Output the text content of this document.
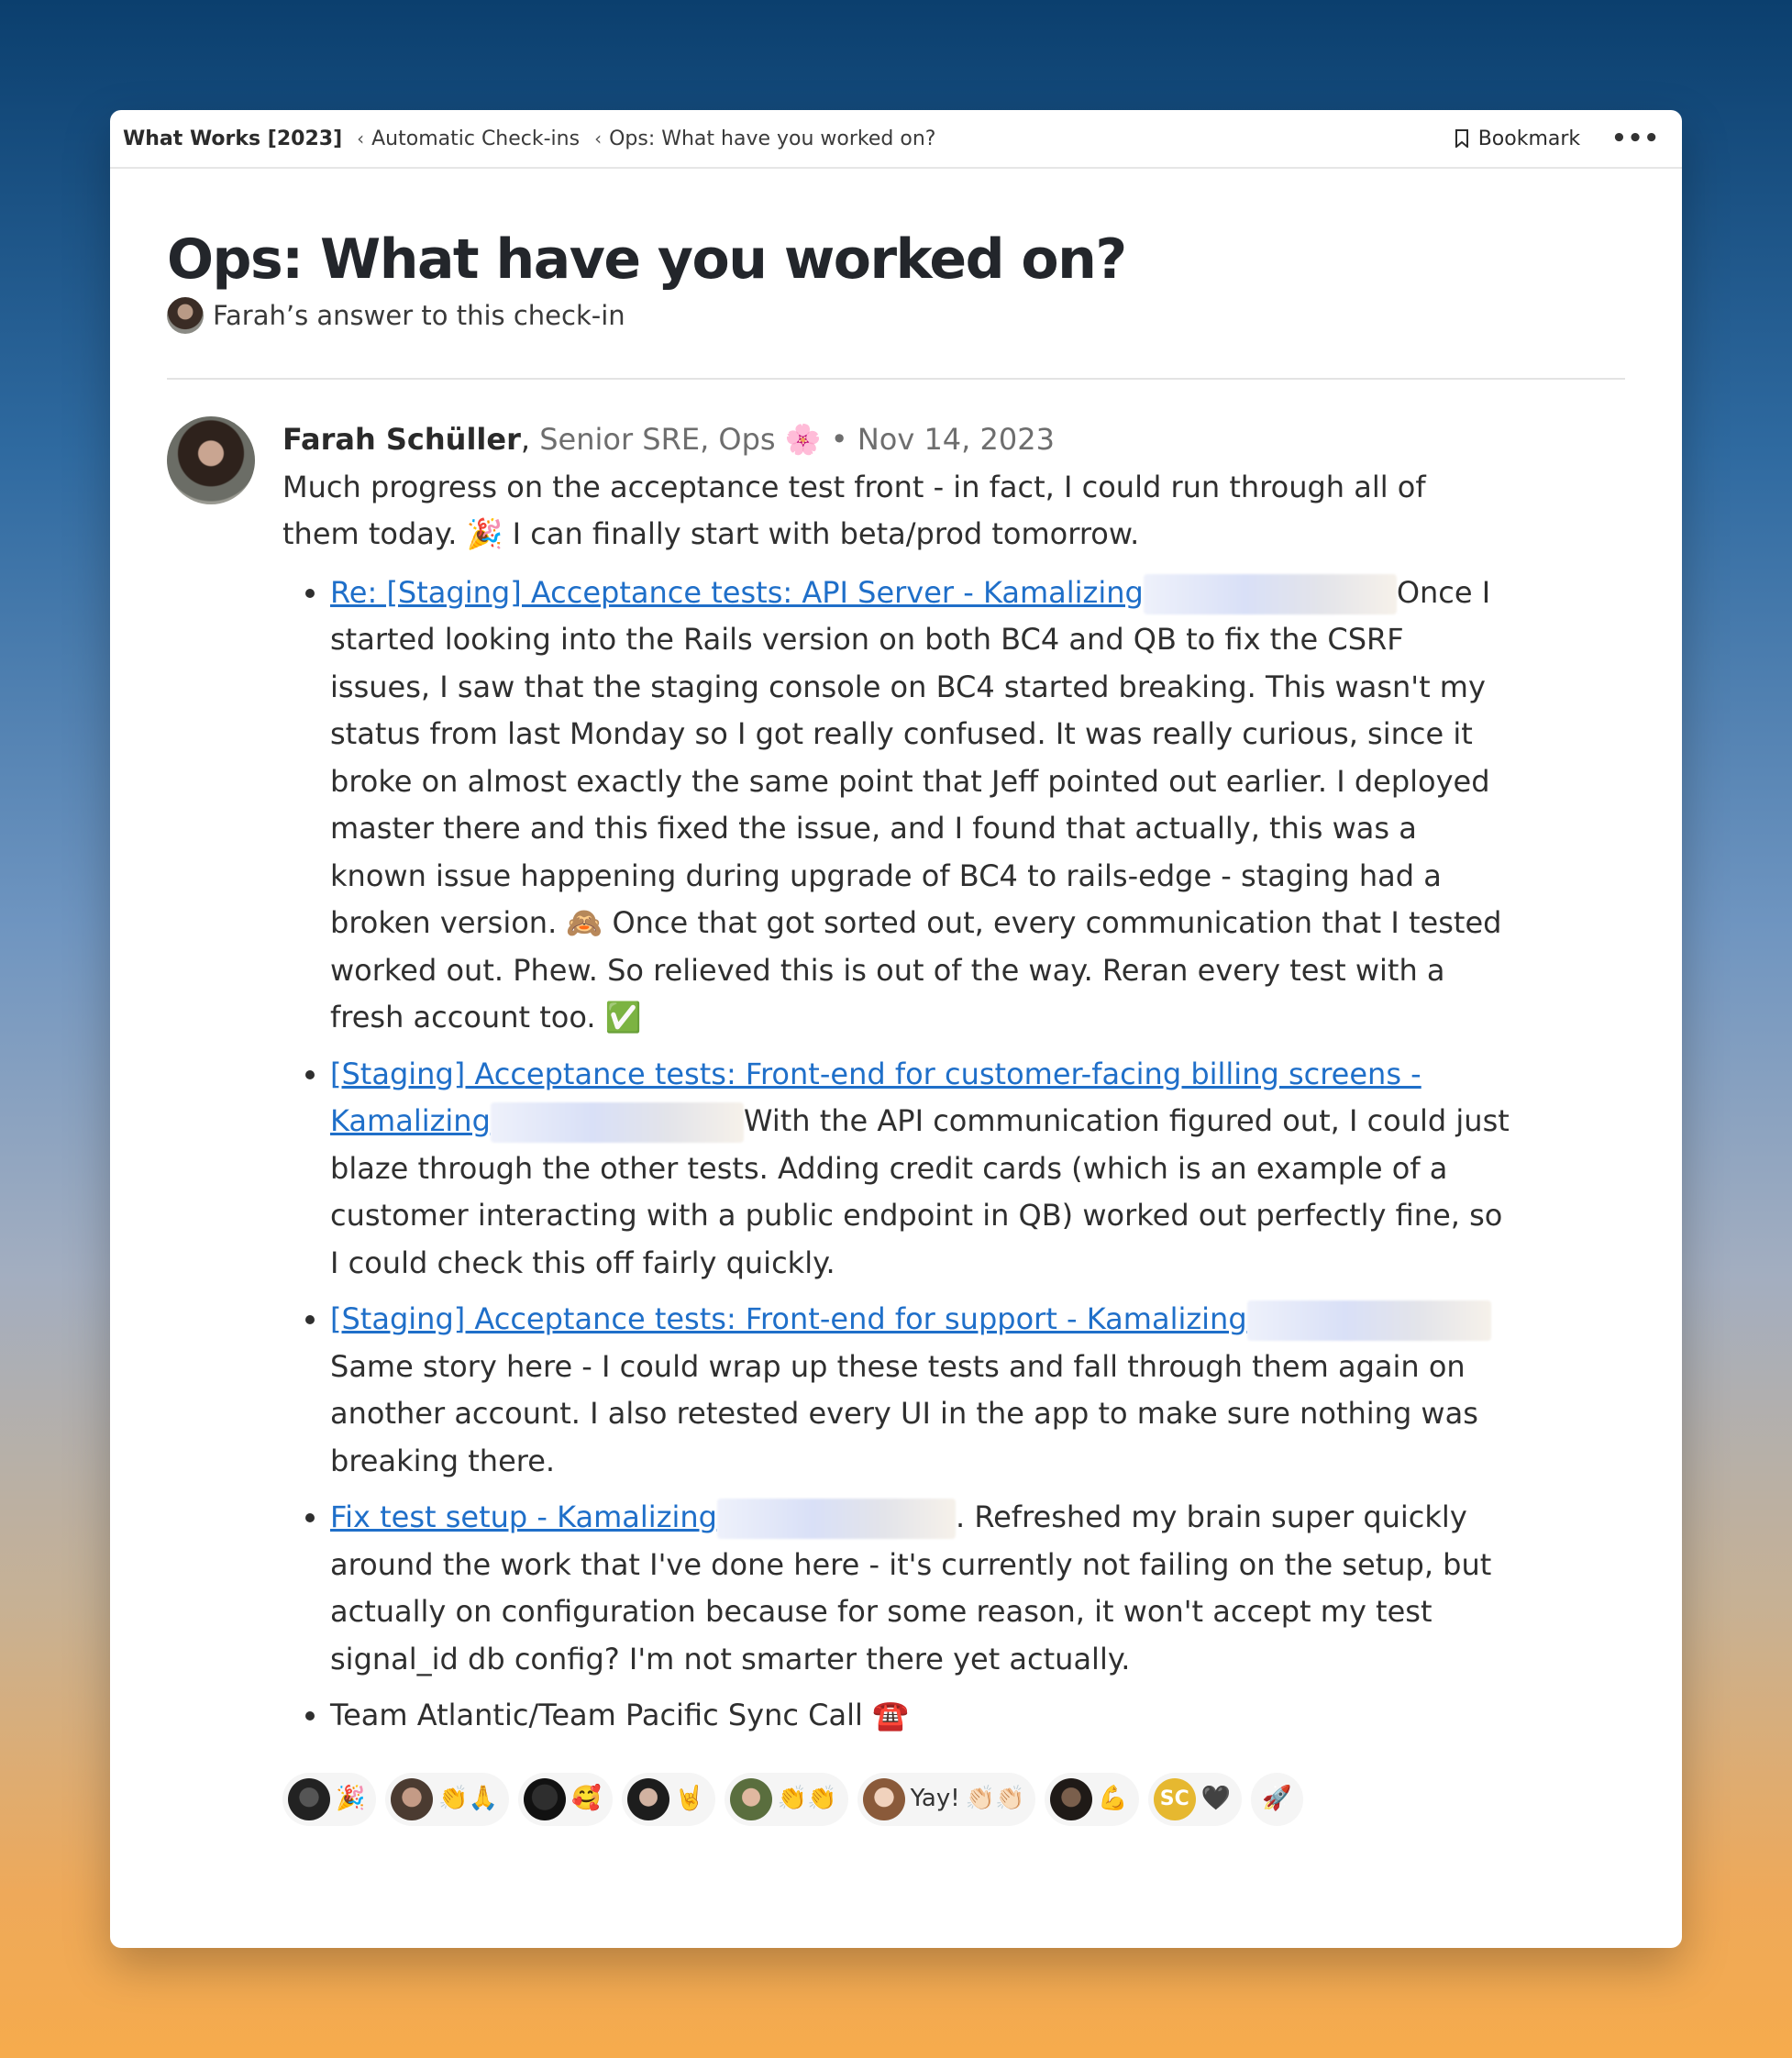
What Works [2023] ‹ Automatic Check-ins ‹ Ops: What have you worked on?	Bookmark •••
Ops: What have you worked on?
Farah’s answer to this check-in
Farah Schüller, Senior SRE, Ops 🌸 • Nov 14, 2023

Much progress on the acceptance test front - in fact, I could run through all of them today. 🎉 I can finally start with beta/prod tomorrow.

• Re: [Staging] Acceptance tests: API Server - Kamalizing	Once I started looking into the Rails version on both BC4 and QB to fix the CSRF issues, I saw that the staging console on BC4 started breaking. This wasn't my status from last Monday so I got really confused. It was really curious, since it broke on almost exactly the same point that Jeff pointed out earlier. I deployed master there and this fixed the issue, and I found that actually, this was a known issue happening during upgrade of BC4 to rails-edge - staging had a broken version. 🙈 Once that got sorted out, every communication that I tested worked out. Phew. So relieved this is out of the way. Reran every test with a fresh account too. ✅
• [Staging] Acceptance tests: Front-end for customer-facing billing screens - Kamalizing	With the API communication figured out, I could just blaze through the other tests. Adding credit cards (which is an example of a customer interacting with a public endpoint in QB) worked out perfectly fine, so I could check this off fairly quickly.
• [Staging] Acceptance tests: Front-end for support - KamalizingSame story here - I could wrap up these tests and fall through them again on another account. I also retested every UI in the app to make sure nothing was breaking there.
• Fix test setup - Kamalizing	. Refreshed my brain super quickly around the work that I've done here - it's currently not failing on the setup, but actually on configuration because for some reason, it won't accept my test signal_id db config? I'm not smarter there yet actually.
• Team Atlantic/Team Pacific Sync Call ☎️
🎉	👏🙏	🥰	🤘	👏👏	Yay! 👏🏻👏🏻	💪	SC 🖤 🚀
